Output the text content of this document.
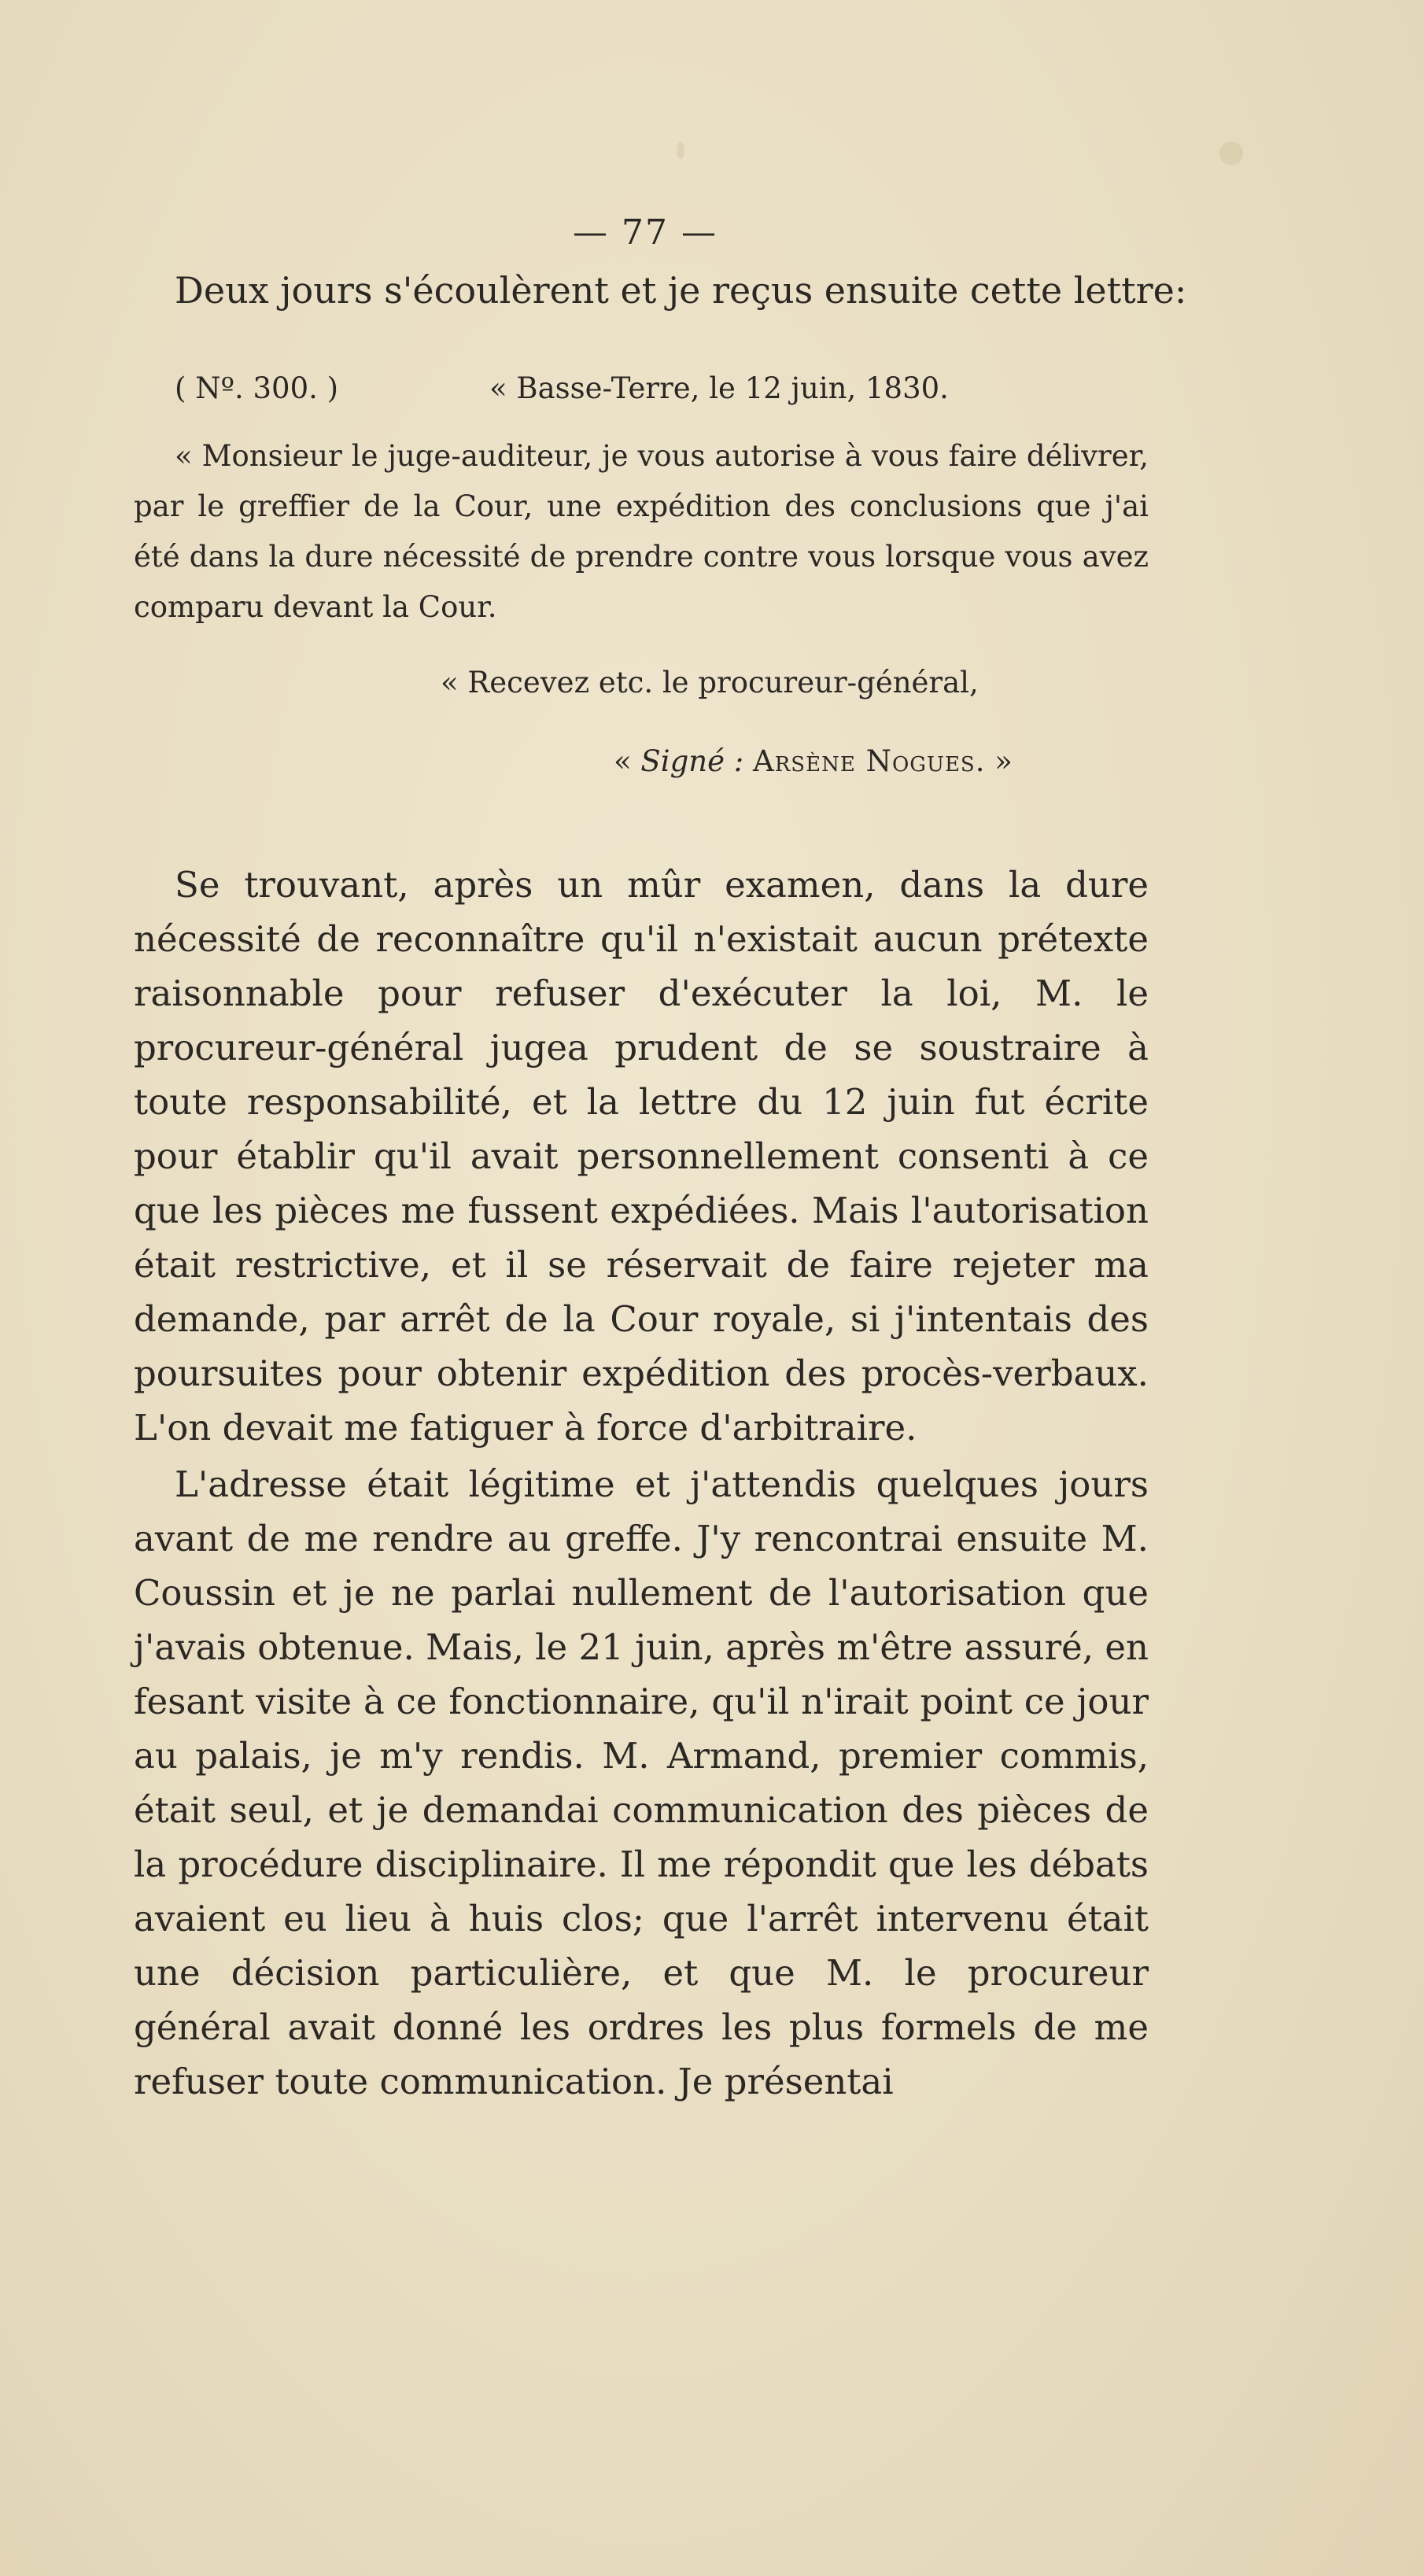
— 77 —
Deux jours s'écoulèrent et je reçus ensuite cette lettre:
( Nº. 300. )	« Basse-Terre, le 12 juin, 1830.
« Monsieur le juge-auditeur, je vous autorise à vous faire délivrer, par le greffier de la Cour, une expédition des conclusions que j'ai été dans la dure nécessité de prendre contre vous lorsque vous avez comparu devant la Cour.
« Recevez etc. le procureur-général,
« Signé : Arsène Nogues. »

Se trouvant, après un mûr examen, dans la dure nécessité de reconnaître qu'il n'existait aucun prétexte raisonnable pour refuser d'exécuter la loi, M. le procureur-général jugea prudent de se soustraire à toute responsabilité, et la lettre du 12 juin fut écrite pour établir qu'il avait personnellement consenti à ce que les pièces me fussent expédiées. Mais l'autorisation était restrictive, et il se réservait de faire rejeter ma demande, par arrêt de la Cour royale, si j'intentais des poursuites pour obtenir expédition des procès-verbaux. L'on devait me fatiguer à force d'arbitraire.

L'adresse était légitime et j'attendis quelques jours avant de me rendre au greffe. J'y rencontrai ensuite M. Coussin et je ne parlai nullement de l'autorisation que j'avais obtenue. Mais, le 21 juin, après m'être assuré, en fesant visite à ce fonctionnaire, qu'il n'irait point ce jour au palais, je m'y rendis. M. Armand, premier commis, était seul, et je demandai communication des pièces de la procédure disciplinaire. Il me répondit que les débats avaient eu lieu à huis clos; que l'arrêt intervenu était une décision particulière, et que M. le procureur général avait donné les ordres les plus formels de me refuser toute communication. Je présentai
